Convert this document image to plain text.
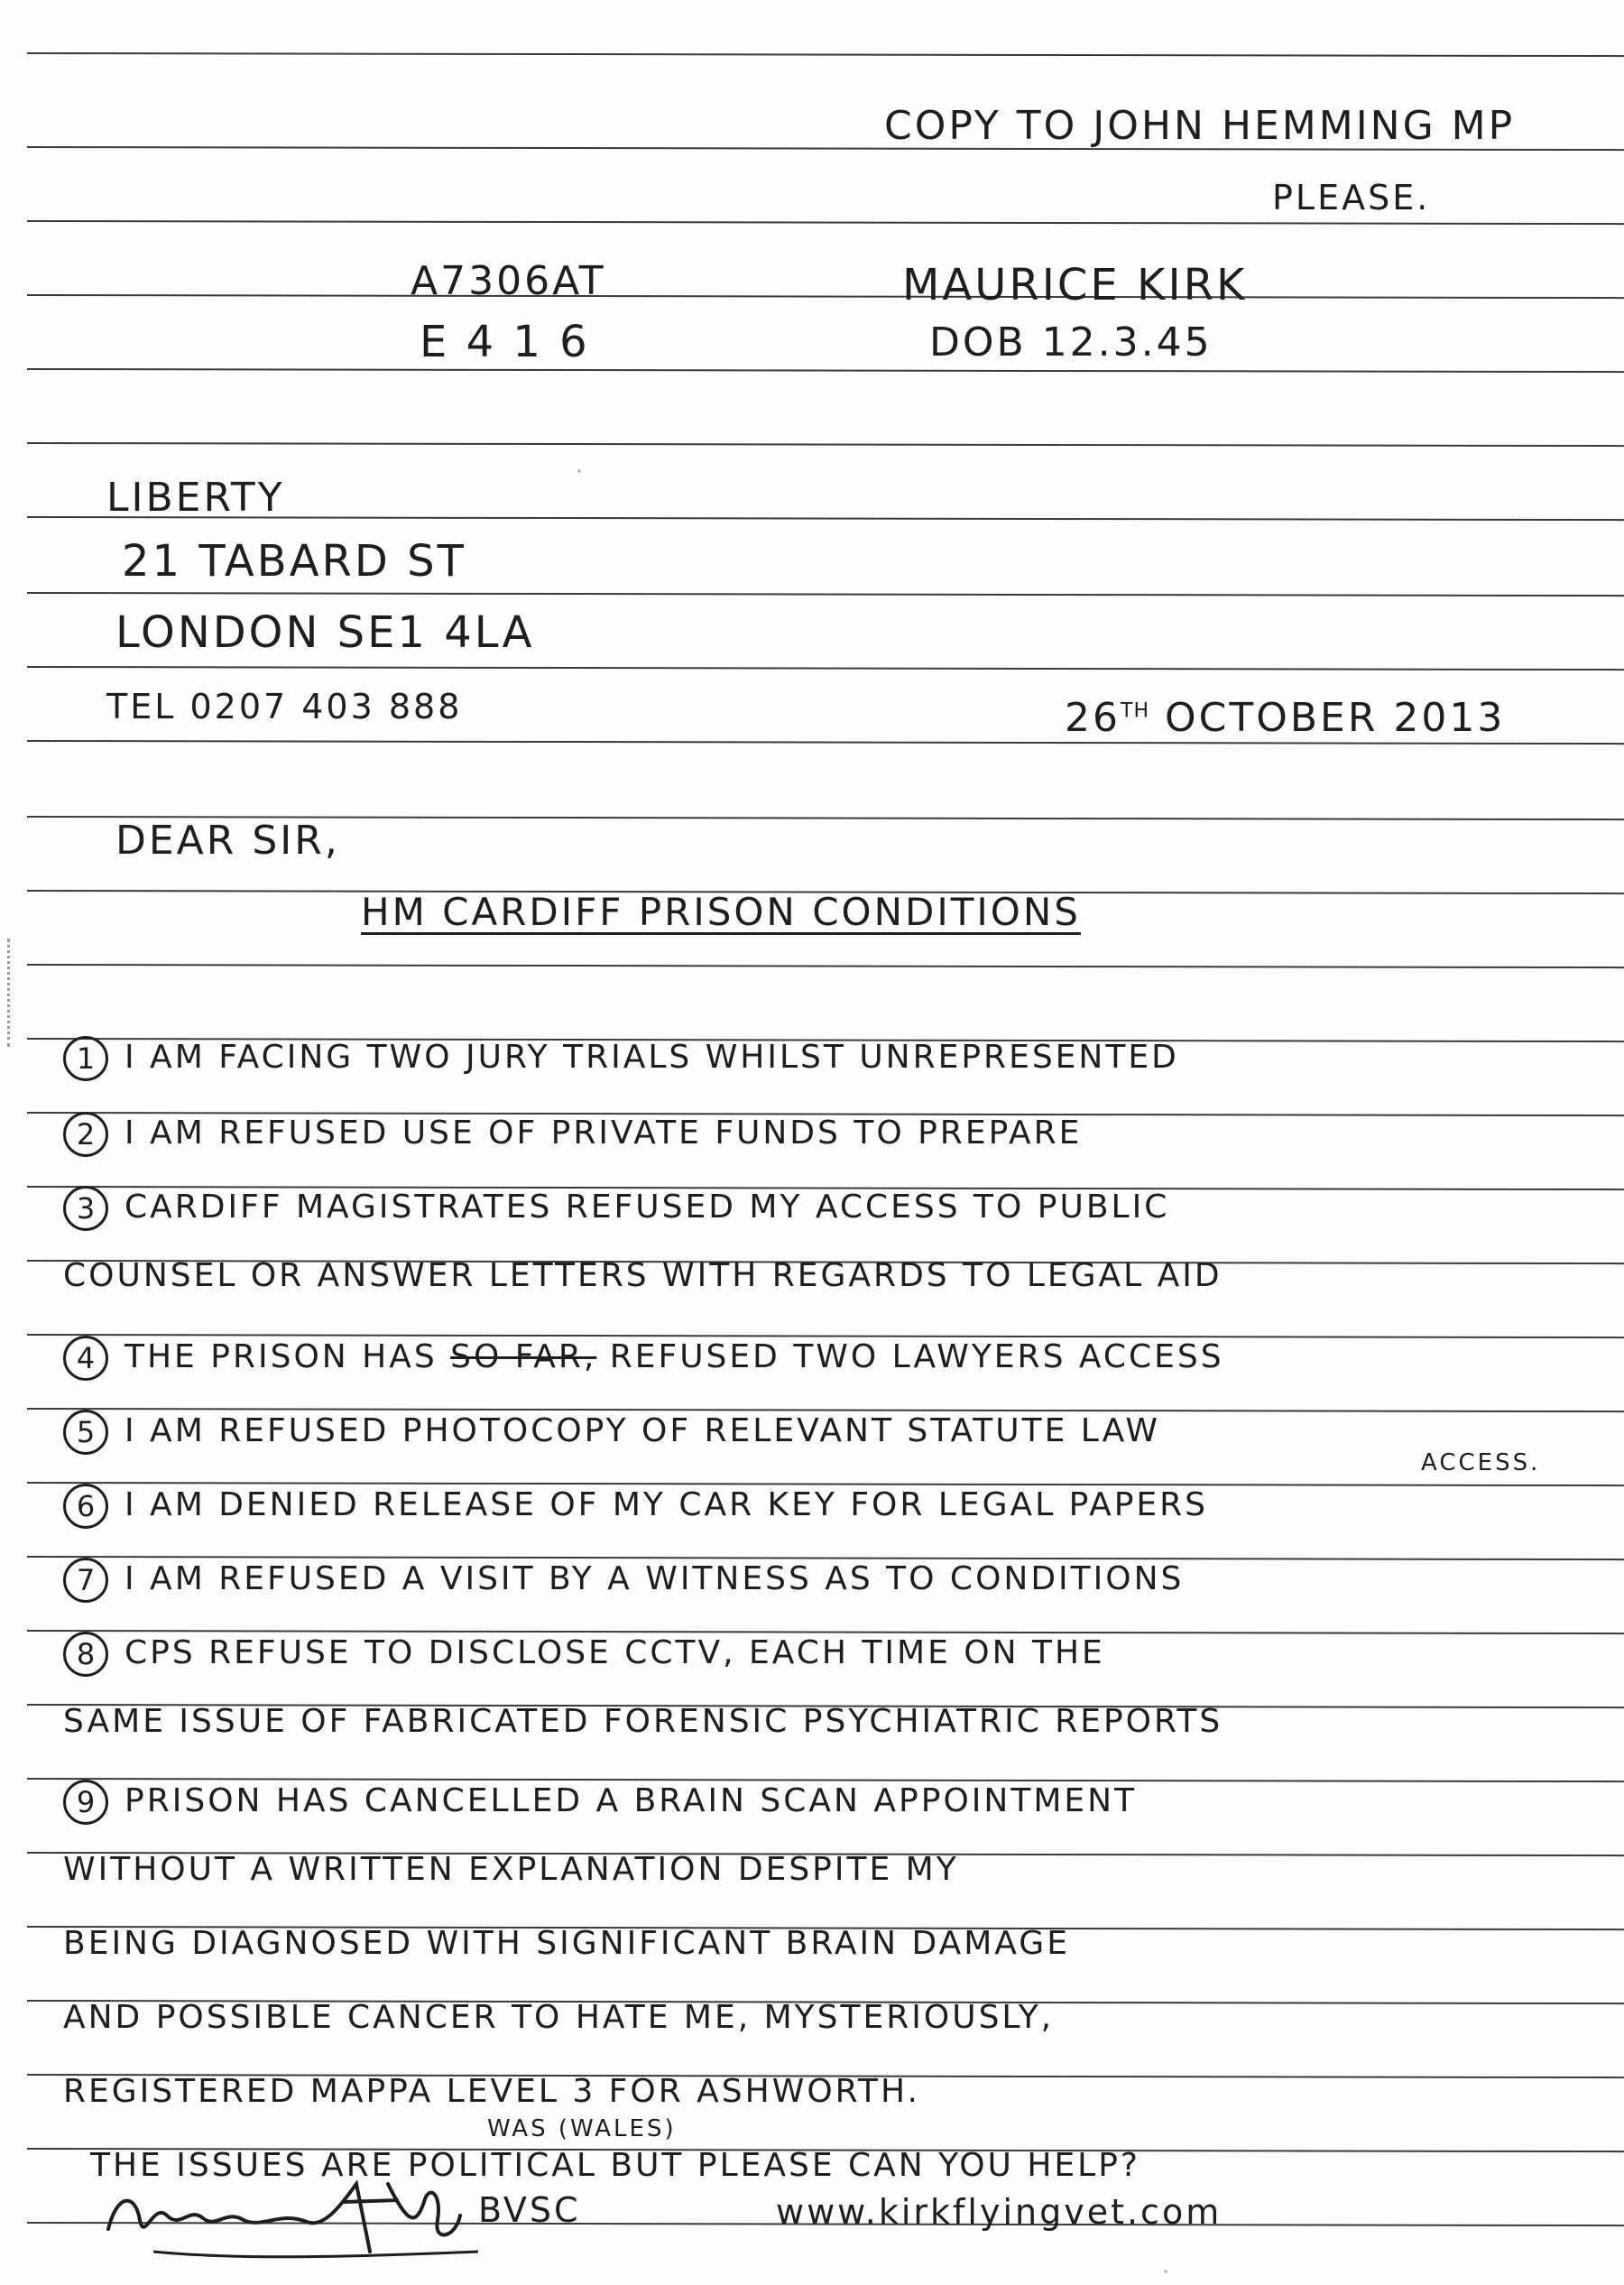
COPY TO JOHN HEMMING MP
PLEASE.
A7306AT
E 4 1 6
MAURICE KIRK
DOB 12.3.45
LIBERTY
21 TABARD ST
LONDON SE1 4LA
TEL 0207 403 888	26TH OCTOBER 2013
DEAR SIR,
HM CARDIFF PRISON CONDITIONS
1 I AM FACING TWO JURY TRIALS WHILST UNREPRESENTED
2 I AM REFUSED USE OF PRIVATE FUNDS TO PREPARE
3 CARDIFF MAGISTRATES REFUSED MY ACCESS TO PUBLIC
COUNSEL OR ANSWER LETTERS WITH REGARDS TO LEGAL AID
4 THE PRISON HAS SO FAR, REFUSED TWO LAWYERS ACCESS
5 I AM REFUSED PHOTOCOPY OF RELEVANT STATUTE LAW
ACCESS.
6 I AM DENIED RELEASE OF MY CAR KEY FOR LEGAL PAPERS
7 I AM REFUSED A VISIT BY A WITNESS AS TO CONDITIONS
8 CPS REFUSE TO DISCLOSE CCTV, EACH TIME ON THE
SAME ISSUE OF FABRICATED FORENSIC PSYCHIATRIC REPORTS
9 PRISON HAS CANCELLED A BRAIN SCAN APPOINTMENT
WITHOUT A WRITTEN EXPLANATION DESPITE MY
BEING DIAGNOSED WITH SIGNIFICANT BRAIN DAMAGE
AND POSSIBLE CANCER TO HATE ME, MYSTERIOUSLY,
REGISTERED MAPPA LEVEL 3 FOR ASHWORTH.
WAS (WALES)
THE ISSUES ARE POLITICAL BUT PLEASE CAN YOU HELP?
BVSC	www.kirkflyingvet.com
